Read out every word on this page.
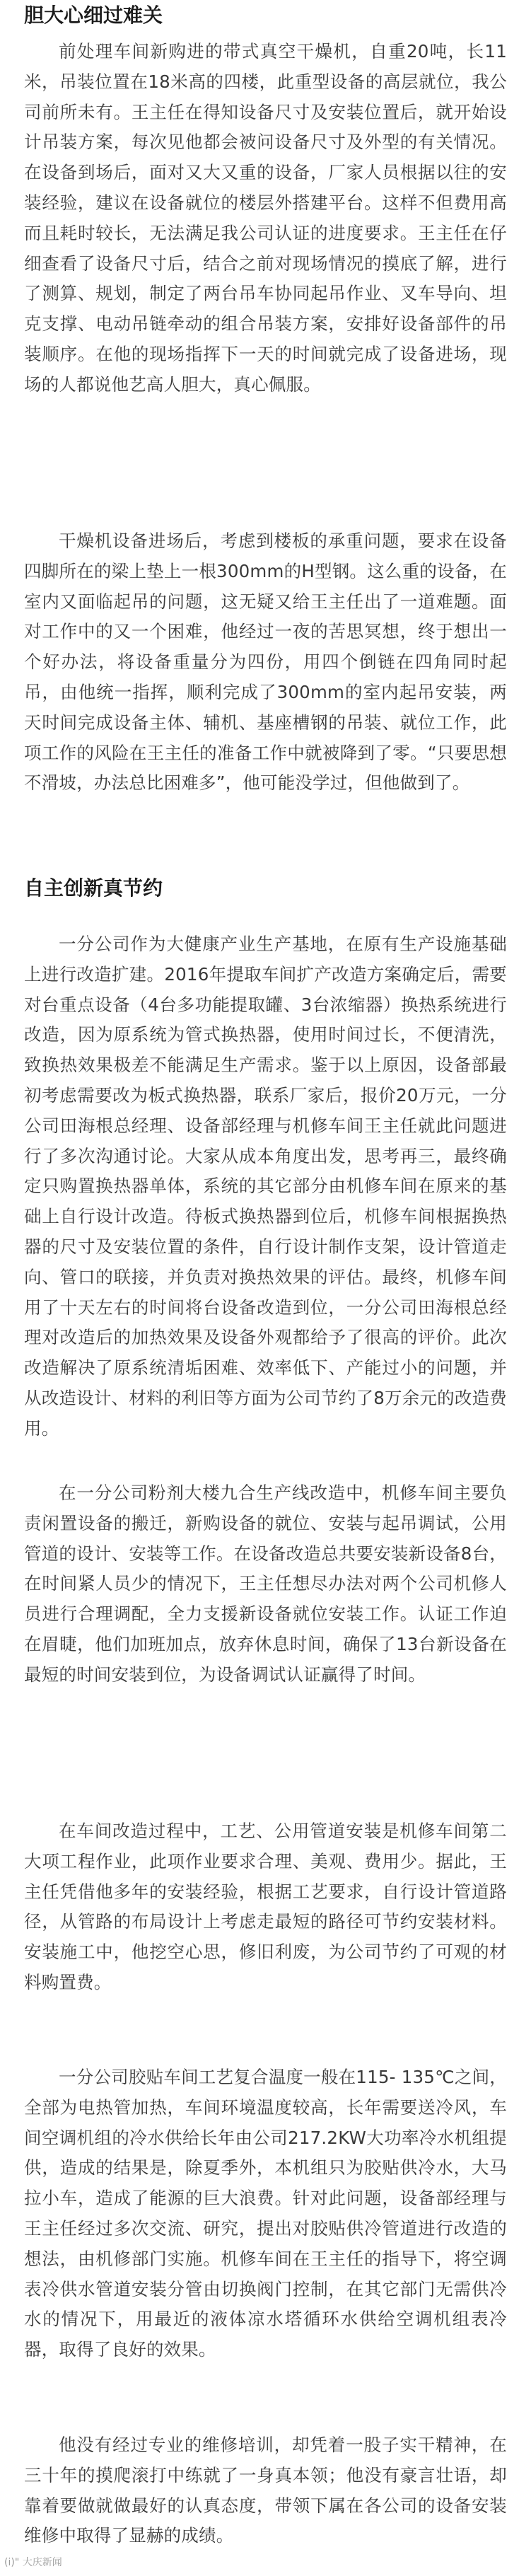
胆大心细过难关

前处理车间新购进的带式真空干燥机，自重20吨，长11米，吊装位置在18米高的四楼，此重型设备的高层就位，我公司前所未有。王主任在得知设备尺寸及安装位置后，就开始设计吊装方案，每次见他都会被问设备尺寸及外型的有关情况。在设备到场后，面对又大又重的设备，厂家人员根据以往的安装经验，建议在设备就位的楼层外搭建平台。这样不但费用高而且耗时较长，无法满足我公司认证的进度要求。王主任在仔细查看了设备尺寸后，结合之前对现场情况的摸底了解，进行了测算、规划，制定了两台吊车协同起吊作业、叉车导向、坦克支撑、电动吊链牵动的组合吊装方案，安排好设备部件的吊装顺序。在他的现场指挥下一天的时间就完成了设备进场，现场的人都说他艺高人胆大，真心佩服。

干燥机设备进场后，考虑到楼板的承重问题，要求在设备四脚所在的梁上垫上一根300mm的H型钢。这么重的设备，在室内又面临起吊的问题，这无疑又给王主任出了一道难题。面对工作中的又一个困难，他经过一夜的苦思冥想，终于想出一个好办法，将设备重量分为四份，用四个倒链在四角同时起吊，由他统一指挥，顺利完成了300mm的室内起吊安装，两天时间完成设备主体、辅机、基座槽钢的吊装、就位工作，此项工作的风险在王主任的准备工作中就被降到了零。“只要思想不滑坡，办法总比困难多”，他可能没学过，但他做到了。

自主创新真节约

一分公司作为大健康产业生产基地，在原有生产设施基础上进行改造扩建。2016年提取车间扩产改造方案确定后，需要对台重点设备（4台多功能提取罐、3台浓缩器）换热系统进行改造，因为原系统为管式换热器，使用时间过长，不便清洗，致换热效果极差不能满足生产需求。鉴于以上原因，设备部最初考虑需要改为板式换热器，联系厂家后，报价20万元，一分公司田海根总经理、设备部经理与机修车间王主任就此问题进行了多次沟通讨论。大家从成本角度出发，思考再三，最终确定只购置换热器单体，系统的其它部分由机修车间在原来的基础上自行设计改造。待板式换热器到位后，机修车间根据换热器的尺寸及安装位置的条件，自行设计制作支架，设计管道走向、管口的联接，并负责对换热效果的评估。最终，机修车间用了十天左右的时间将台设备改造到位，一分公司田海根总经理对改造后的加热效果及设备外观都给予了很高的评价。此次改造解决了原系统清垢困难、效率低下、产能过小的问题，并从改造设计、材料的利旧等方面为公司节约了8万余元的改造费用。

在一分公司粉剂大楼九合生产线改造中，机修车间主要负责闲置设备的搬迁，新购设备的就位、安装与起吊调试，公用管道的设计、安装等工作。在设备改造总共要安装新设备8台，在时间紧人员少的情况下，王主任想尽办法对两个公司机修人员进行合理调配，全力支援新设备就位安装工作。认证工作迫在眉睫，他们加班加点，放弃休息时间，确保了13台新设备在最短的时间安装到位，为设备调试认证赢得了时间。

在车间改造过程中，工艺、公用管道安装是机修车间第二大项工程作业，此项作业要求合理、美观、费用少。据此，王主任凭借他多年的安装经验，根据工艺要求，自行设计管道路径，从管路的布局设计上考虑走最短的路径可节约安装材料。安装施工中，他挖空心思，修旧利废，为公司节约了可观的材料购置费。

一分公司胶贴车间工艺复合温度一般在115- 135℃之间，全部为电热管加热，车间环境温度较高，长年需要送冷风，车间空调机组的冷水供给长年由公司217.2KW大功率冷水机组提供，造成的结果是，除夏季外，本机组只为胶贴供冷水，大马拉小车，造成了能源的巨大浪费。针对此问题，设备部经理与王主任经过多次交流、研究，提出对胶贴供冷管道进行改造的想法，由机修部门实施。机修车间在王主任的指导下，将空调表冷供水管道安装分管由切换阀门控制，在其它部门无需供冷水的情况下，用最近的液体凉水塔循环水供给空调机组表冷器，取得了良好的效果。

他没有经过专业的维修培训，却凭着一股子实干精神，在三十年的摸爬滚打中练就了一身真本领；他没有豪言壮语，却靠着要做就做最好的认真态度，带领下属在各公司的设备安装维修中取得了显赫的成绩。

(i)" 大庆新闻
